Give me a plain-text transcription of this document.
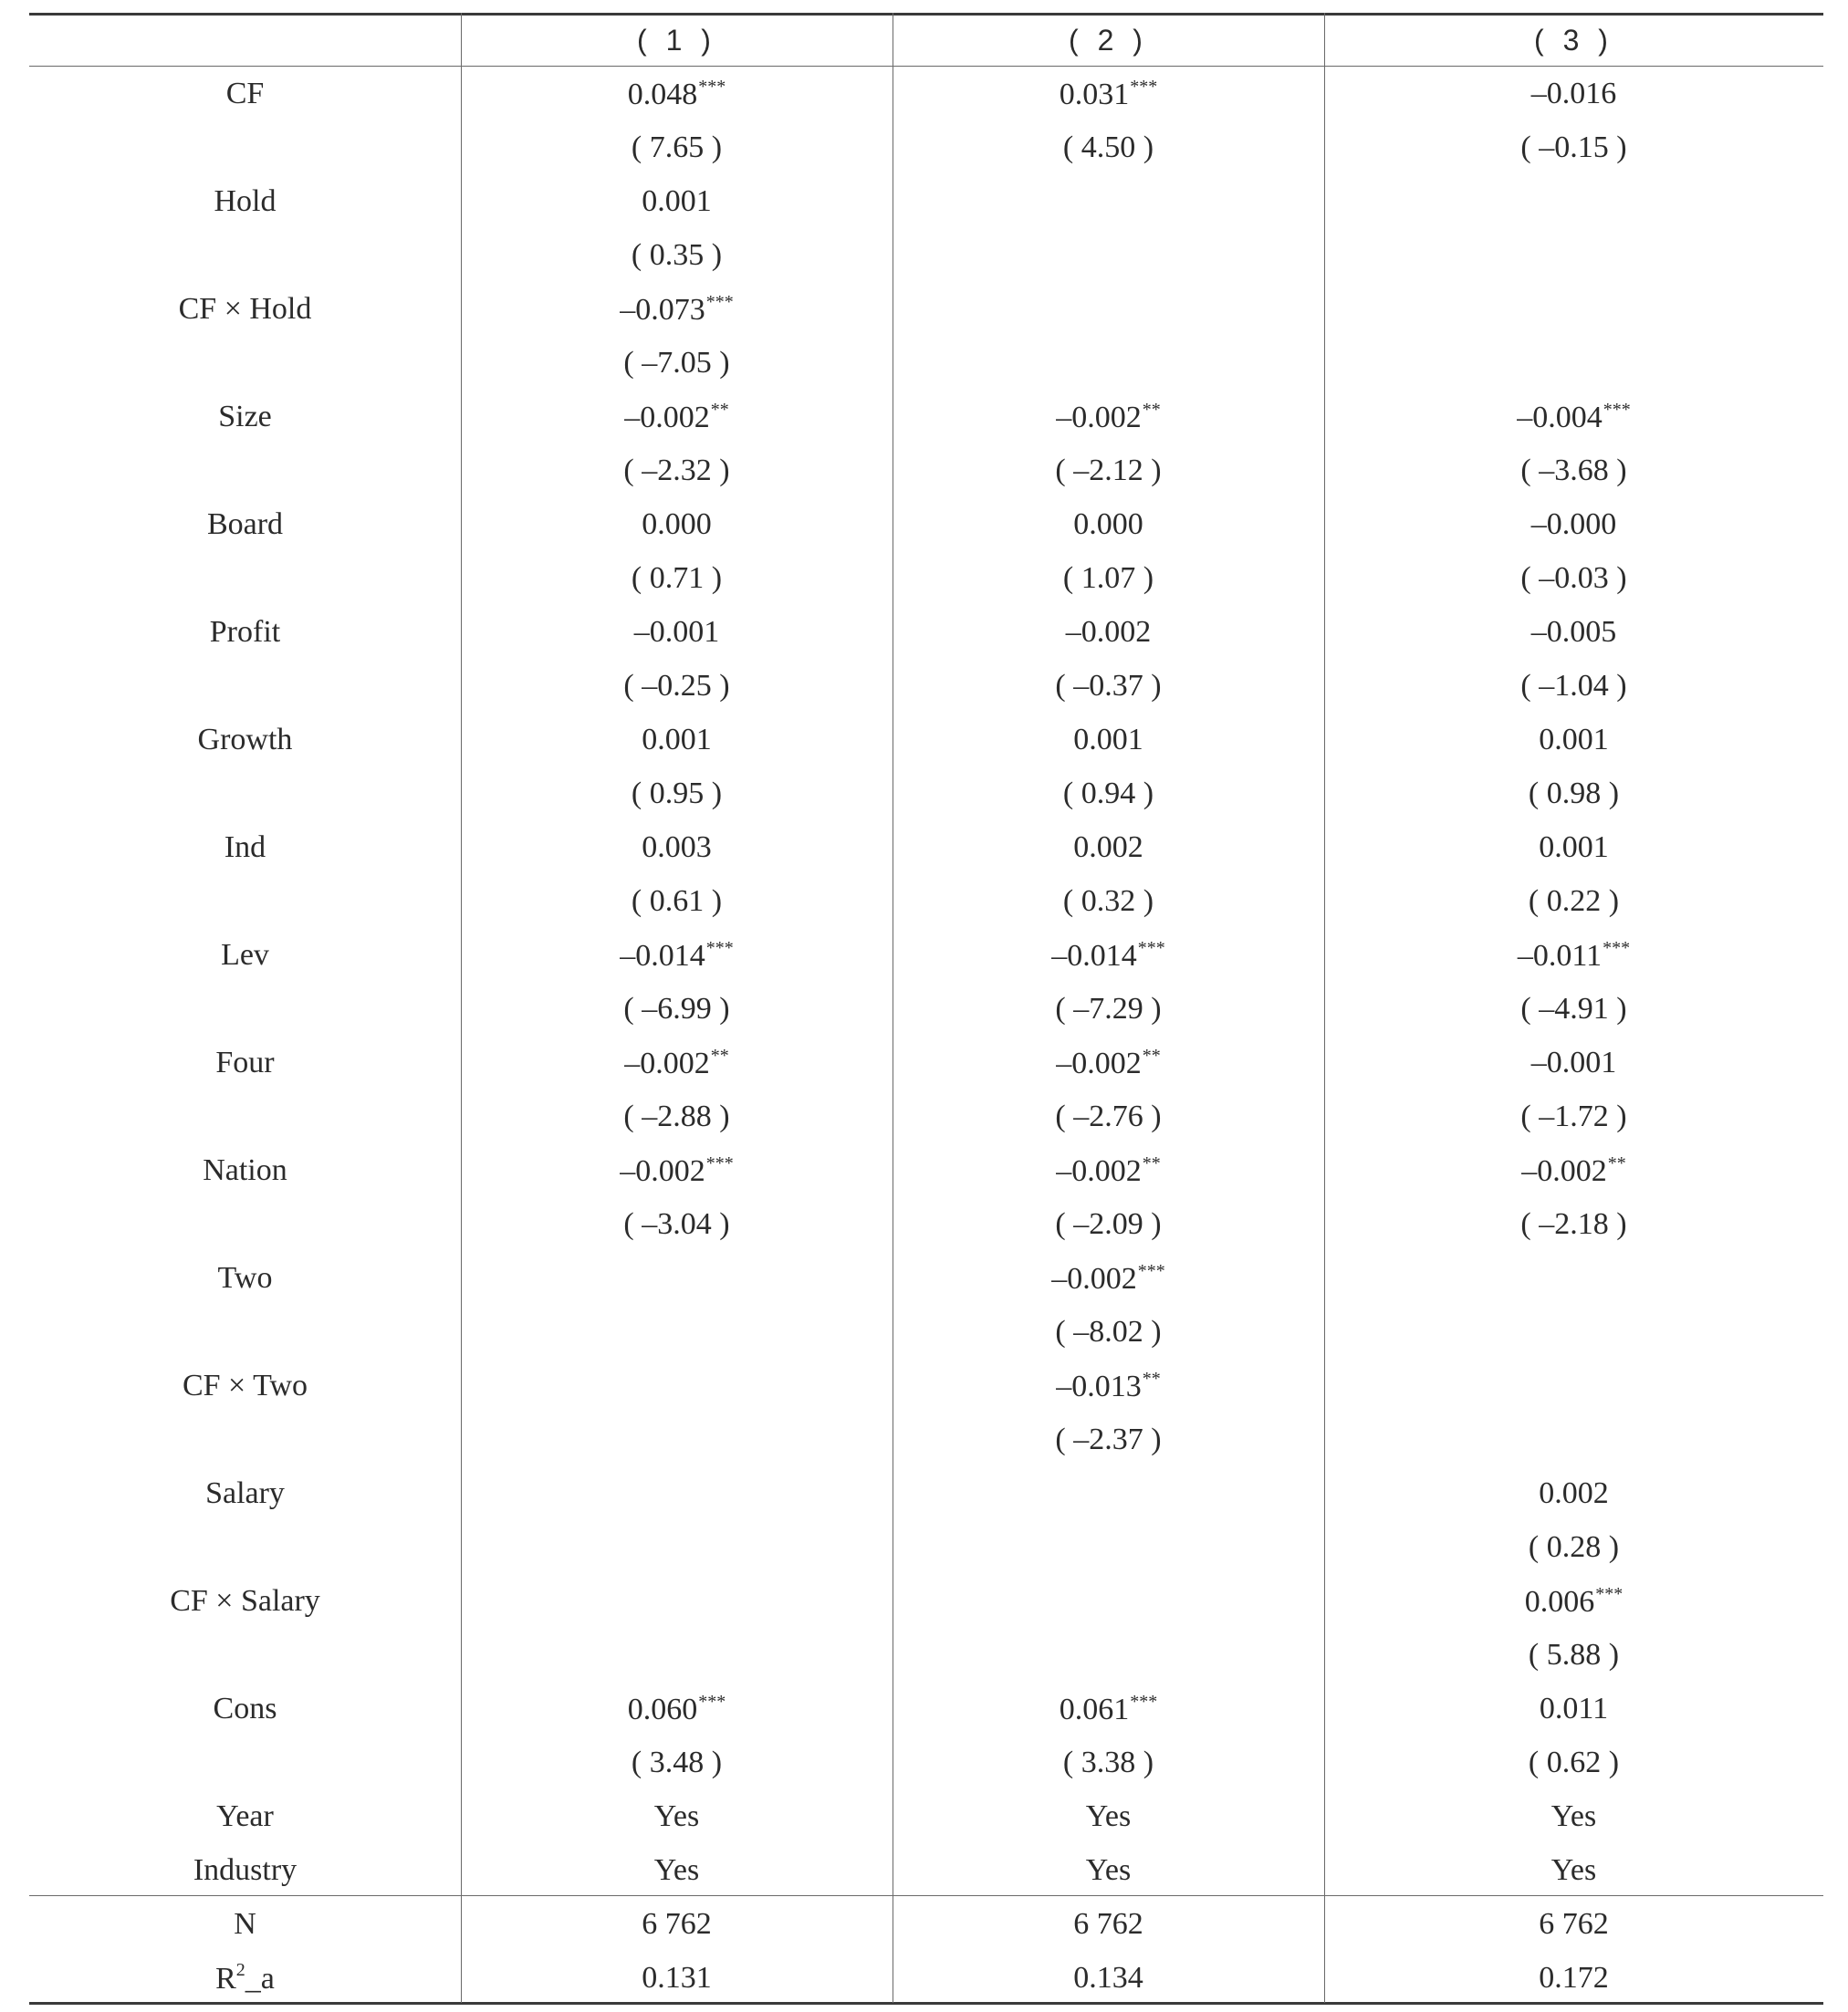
	( 1 )	( 2 )	( 3 )
CF	0.048***	0.031***	–0.016
	( 7.65 )	( 4.50 )	( –0.15 )
Hold	0.001		
	( 0.35 )		
CF × Hold	–0.073***		
	( –7.05 )		
Size	–0.002**	–0.002**	–0.004***
	( –2.32 )	( –2.12 )	( –3.68 )
Board	0.000	0.000	–0.000
	( 0.71 )	( 1.07 )	( –0.03 )
Profit	–0.001	–0.002	–0.005
	( –0.25 )	( –0.37 )	( –1.04 )
Growth	0.001	0.001	0.001
	( 0.95 )	( 0.94 )	( 0.98 )
Ind	0.003	0.002	0.001
	( 0.61 )	( 0.32 )	( 0.22 )
Lev	–0.014***	–0.014***	–0.011***
	( –6.99 )	( –7.29 )	( –4.91 )
Four	–0.002**	–0.002**	–0.001
	( –2.88 )	( –2.76 )	( –1.72 )
Nation	–0.002***	–0.002**	–0.002**
	( –3.04 )	( –2.09 )	( –2.18 )
Two		–0.002***	
		( –8.02 )	
CF × Two		–0.013**	
		( –2.37 )	
Salary			0.002
			( 0.28 )
CF × Salary			0.006***
			( 5.88 )
Cons	0.060***	0.061***	0.011
	( 3.48 )	( 3.38 )	( 0.62 )
Year	Yes	Yes	Yes
Industry	Yes	Yes	Yes
N	6 762	6 762	6 762
$R^2\_a$	0.131	0.134	0.172
